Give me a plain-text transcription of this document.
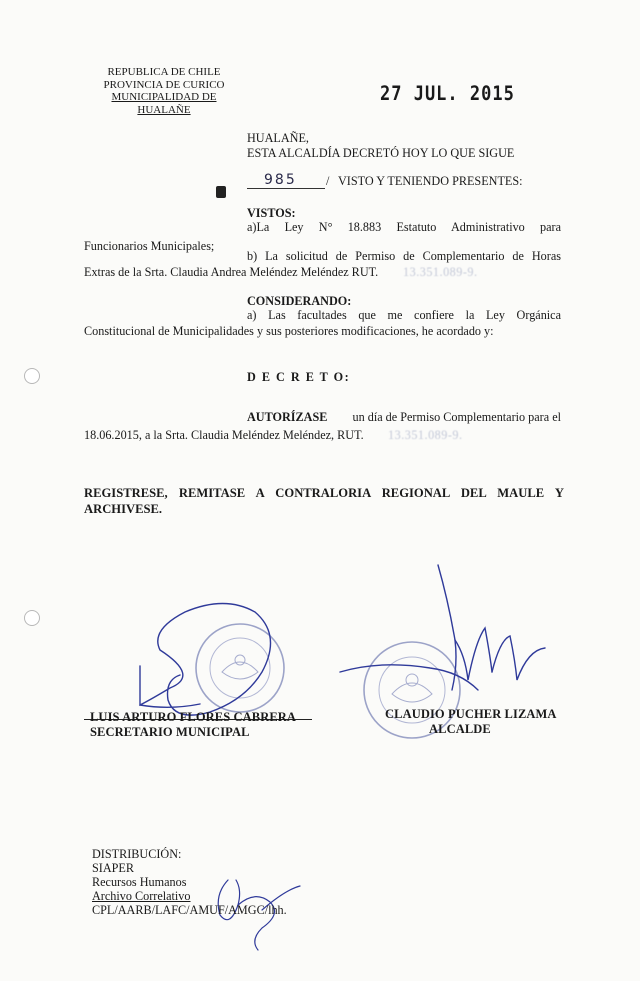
REPUBLICA DE CHILE
PROVINCIA DE CURICO
MUNICIPALIDAD DE HUALAÑE
27 JUL. 2015
HUALAÑE,
ESTA ALCALDÍA DECRETÓ HOY LO QUE SIGUE
985 / VISTO Y TENIENDO PRESENTES:
VISTOS:
a)La Ley N° 18.883 Estatuto Administrativo para
Funcionarios Municipales;
b) La solicitud de Permiso de Complementario de Horas
Extras de la Srta. Claudia Andrea Meléndez Meléndez RUT. 13.351.089-9.
CONSIDERANDO:
a) Las facultades que me confiere la Ley Orgánica
Constitucional de Municipalidades y sus posteriores modificaciones, he acordado y:
D E C R E T O:
AUTORÍZASE un día de Permiso Complementario para el
18.06.2015, a la Srta. Claudia Meléndez Meléndez, RUT. 13.351.089-9.
REGISTRESE, REMITASE A CONTRALORIA REGIONAL DEL MAULE Y
ARCHIVESE.
LUIS ARTURO FLORES CABRERA
SECRETARIO MUNICIPAL
CLAUDIO PUCHER LIZAMA
ALCALDE
DISTRIBUCIÓN:
SIAPER
Recursos Humanos
Archivo Correlativo
CPL/AARB/LAFC/AMUF/AMGC/lhh.
